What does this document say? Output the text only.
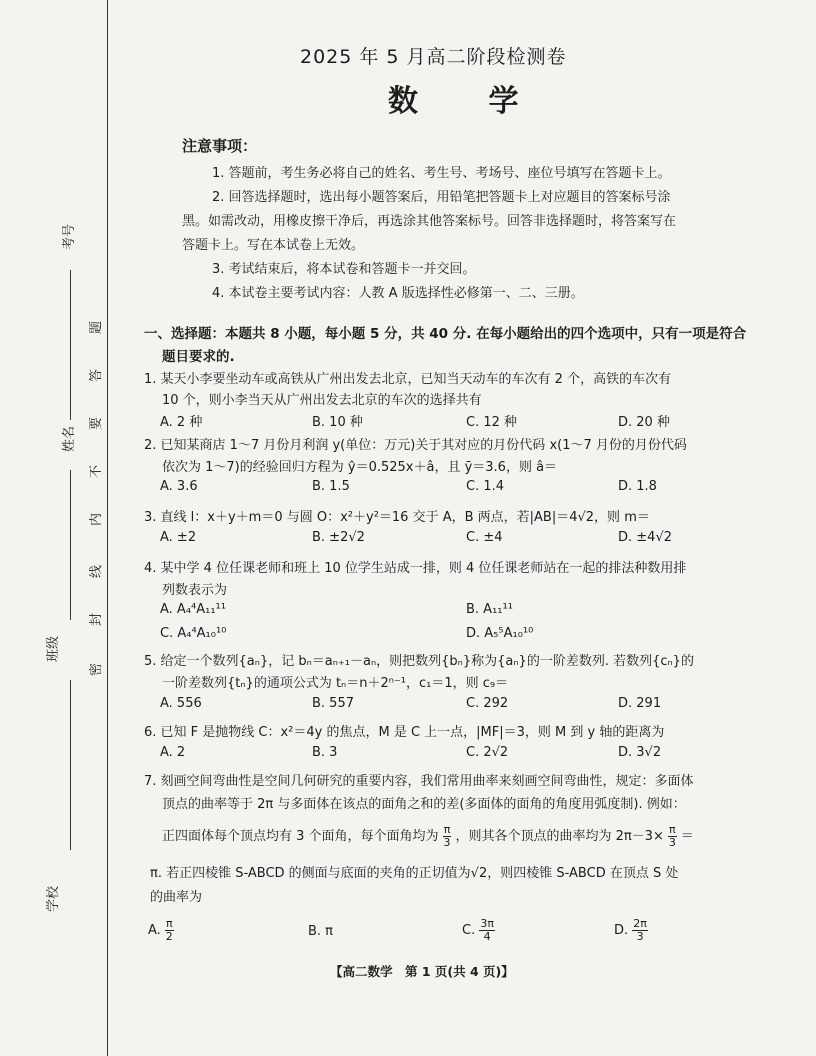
考号
姓名
班级
学校
题
答
要
不
内
线
封
密
2025 年 5 月高二阶段检测卷
数 学
注意事项：
1. 答题前，考生务必将自己的姓名、考生号、考场号、座位号填写在答题卡上。
2. 回答选择题时，选出每小题答案后，用铅笔把答题卡上对应题目的答案标号涂
黑。如需改动，用橡皮擦干净后，再选涂其他答案标号。回答非选择题时，将答案写在
答题卡上。写在本试卷上无效。
3. 考试结束后，将本试卷和答题卡一并交回。
4. 本试卷主要考试内容：人教 A 版选择性必修第一、二、三册。
一、选择题：本题共 8 小题，每小题 5 分，共 40 分. 在每小题给出的四个选项中，只有一项是符合
题目要求的.
1. 某天小李要坐动车或高铁从广州出发去北京，已知当天动车的车次有 2 个，高铁的车次有
10 个，则小李当天从广州出发去北京的车次的选择共有
A. 2 种	B. 10 种	C. 12 种	D. 20 种
2. 已知某商店 1～7 月份月利润 y(单位：万元)关于其对应的月份代码 x(1～7 月份的月份代码
依次为 1～7)的经验回归方程为 ŷ＝0.525x＋â，且 ȳ＝3.6，则 â＝
A. 3.6	B. 1.5	C. 1.4	D. 1.8
3. 直线 l：x＋y＋m＝0 与圆 O：x²＋y²＝16 交于 A，B 两点，若|AB|＝4√2，则 m＝
A. ±2	B. ±2√2	C. ±4	D. ±4√2
4. 某中学 4 位任课老师和班上 10 位学生站成一排，则 4 位任课老师站在一起的排法种数用排
列数表示为
A. A₄⁴A₁₁¹¹	B. A₁₁¹¹
C. A₄⁴A₁₀¹⁰	D. A₅⁵A₁₀¹⁰
5. 给定一个数列{aₙ}，记 bₙ＝aₙ₊₁－aₙ，则把数列{bₙ}称为{aₙ}的一阶差数列. 若数列{cₙ}的
一阶差数列{tₙ}的通项公式为 tₙ＝n＋2ⁿ⁻¹，c₁＝1，则 c₉＝
A. 556	B. 557	C. 292	D. 291
6. 已知 F 是抛物线 C：x²＝4y 的焦点，M 是 C 上一点，|MF|＝3，则 M 到 y 轴的距离为
A. 2	B. 3	C. 2√2	D. 3√2
7. 刻画空间弯曲性是空间几何研究的重要内容，我们常用曲率来刻画空间弯曲性，规定：多面体
顶点的曲率等于 2π 与多面体在该点的面角之和的差(多面体的面角的角度用弧度制). 例如：
正四面体每个顶点均有 3 个面角，每个面角均为 $\frac{\pi}{3}$ ，则其各个顶点的曲率均为 $2\pi-3\times \frac{\pi}{3}$ ＝
π. 若正四棱锥 S-ABCD 的侧面与底面的夹角的正切值为√2，则四棱锥 S-ABCD 在顶点 S 处
的曲率为
A. $\frac{\pi}{2}$	B. π	C. $\frac{3\pi}{4}$	D. $\frac{2\pi}{3}$
【高二数学　第 1 页(共 4 页)】
